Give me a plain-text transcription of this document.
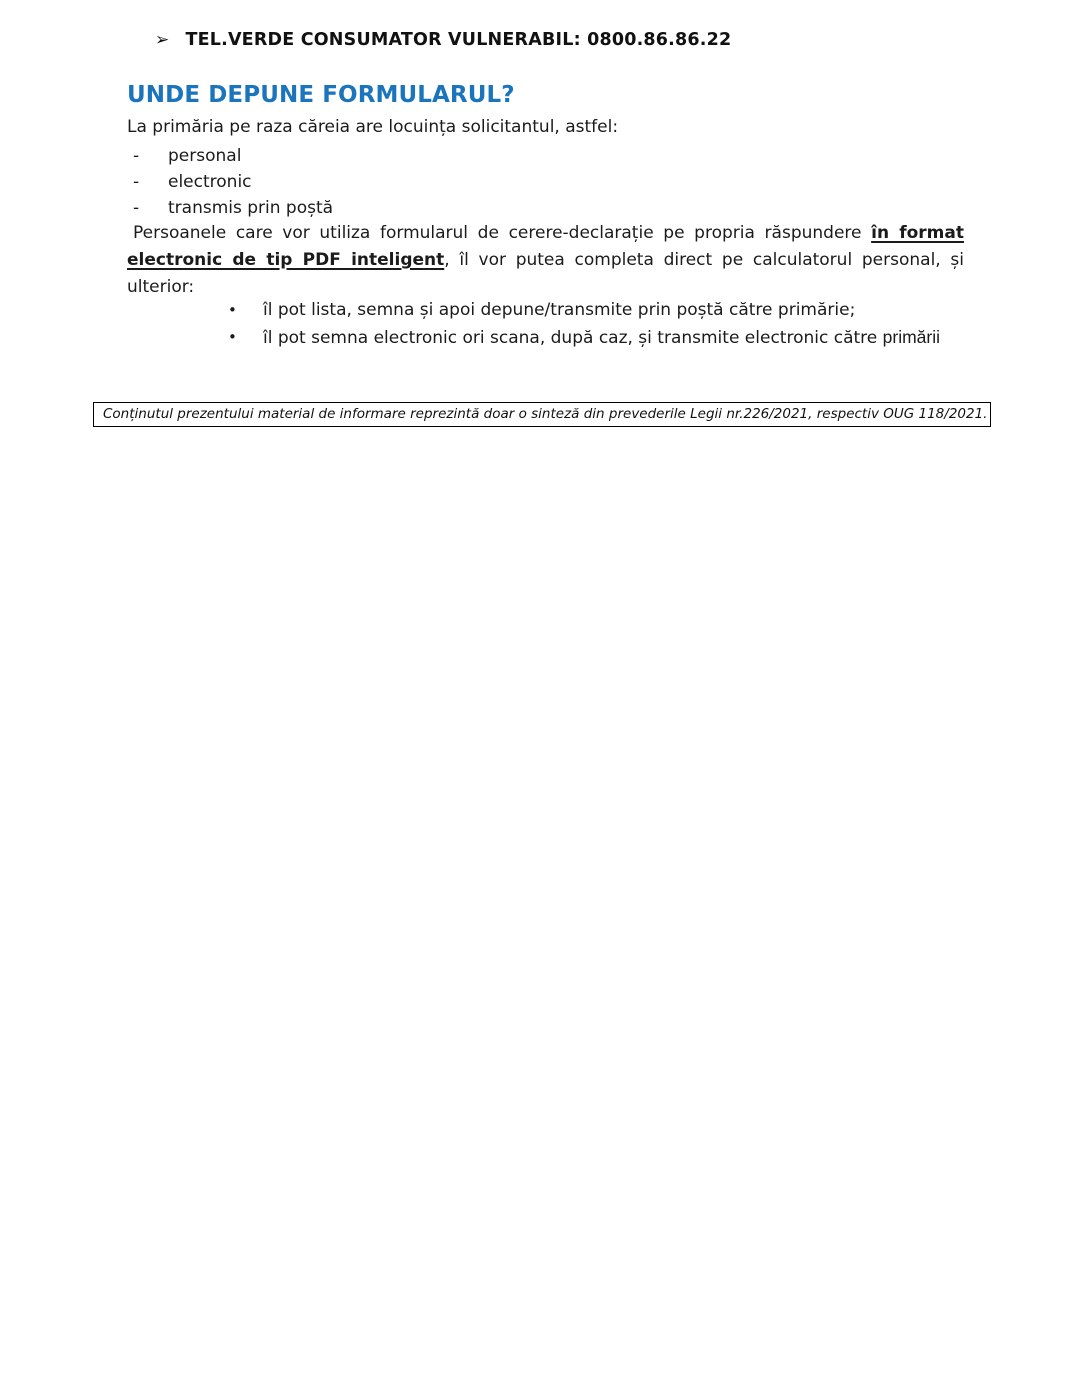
➢ TEL.VERDE CONSUMATOR VULNERABIL: 0800.86.86.22
UNDE DEPUNE FORMULARUL?
La primăria pe raza căreia are locuința solicitantul, astfel:
-	personal
-	electronic
-	transmis prin poștă
Persoanele care vor utiliza formularul de cerere-declarație pe propria răspundere în format
electronic de tip PDF inteligent, îl vor putea completa direct pe calculatorul personal, și
ulterior:
•	îl pot lista, semna și apoi depune/transmite prin poștă către primărie;
•	îl pot semna electronic ori scana, după caz, și transmite electronic către primării
Conținutul prezentului material de informare reprezintă doar o sinteză din prevederile Legii nr.226/2021, respectiv OUG 118/2021.
